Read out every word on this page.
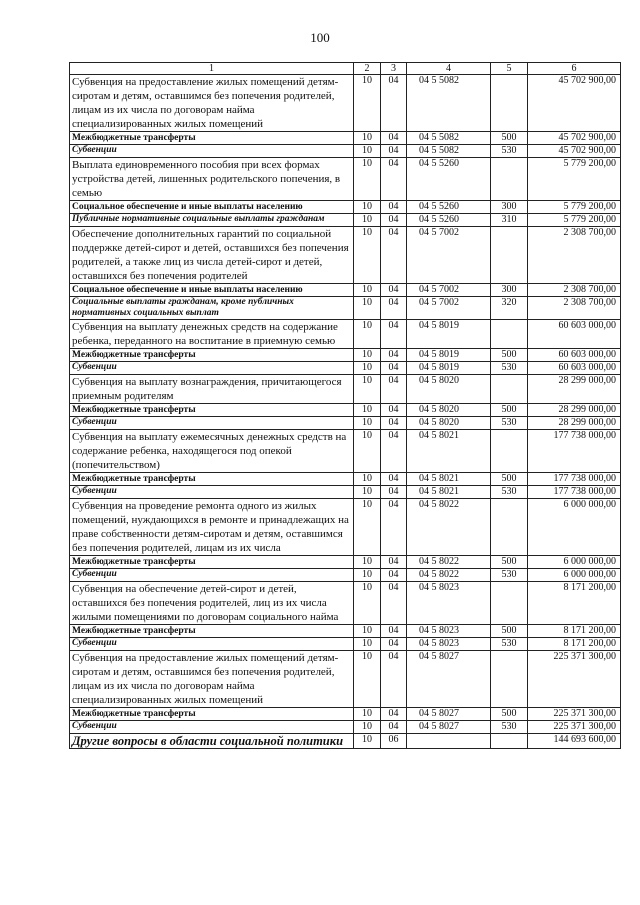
100
1	2	3	4	5	6
Субвенция на предоставление жилых помещений детям-сиротам и детям, оставшимся без попечения родителей, лицам из их числа по договорам найма специализированных жилых помещений	10	04	04 5 5082		45 702 900,00
Межбюджетные трансферты	10	04	04 5 5082	500	45 702 900,00
Субвенции	10	04	04 5 5082	530	45 702 900,00
Выплата единовременного пособия при всех формах устройства детей, лишенных родительского попечения, в семью	10	04	04 5 5260		5 779 200,00
Социальное обеспечение и иные выплаты населению	10	04	04 5 5260	300	5 779 200,00
Публичные нормативные социальные выплаты гражданам	10	04	04 5 5260	310	5 779 200,00
Обеспечение дополнительных гарантий по социальной поддержке детей-сирот и детей, оставшихся без попечения родителей, а также лиц из числа детей-сирот и детей, оставшихся без попечения родителей	10	04	04 5 7002		2 308 700,00
Социальное обеспечение и иные выплаты населению	10	04	04 5 7002	300	2 308 700,00
Социальные выплаты гражданам, кроме публичных нормативных социальных выплат	10	04	04 5 7002	320	2 308 700,00
Субвенция на выплату денежных средств на содержание ребенка, переданного на воспитание в приемную семью	10	04	04 5 8019		60 603 000,00
Межбюджетные трансферты	10	04	04 5 8019	500	60 603 000,00
Субвенции	10	04	04 5 8019	530	60 603 000,00
Субвенция на выплату вознаграждения, причитающегося приемным родителям	10	04	04 5 8020		28 299 000,00
Межбюджетные трансферты	10	04	04 5 8020	500	28 299 000,00
Субвенции	10	04	04 5 8020	530	28 299 000,00
Субвенция на выплату ежемесячных денежных средств на содержание ребенка, находящегося под опекой (попечительством)	10	04	04 5 8021		177 738 000,00
Межбюджетные трансферты	10	04	04 5 8021	500	177 738 000,00
Субвенции	10	04	04 5 8021	530	177 738 000,00
Субвенция на проведение ремонта одного из жилых помещений, нуждающихся в ремонте и принадлежащих на праве собственности детям-сиротам и детям, оставшимся без попечения родителей, лицам из их числа	10	04	04 5 8022		6 000 000,00
Межбюджетные трансферты	10	04	04 5 8022	500	6 000 000,00
Субвенции	10	04	04 5 8022	530	6 000 000,00
Субвенция на обеспечение детей-сирот и детей, оставшихся без попечения родителей, лиц из их числа жилыми помещениями по договорам социального найма	10	04	04 5 8023		8 171 200,00
Межбюджетные трансферты	10	04	04 5 8023	500	8 171 200,00
Субвенции	10	04	04 5 8023	530	8 171 200,00
Субвенция на предоставление жилых помещений детям-сиротам и детям, оставшимся без попечения родителей, лицам из их числа по договорам найма специализированных жилых помещений	10	04	04 5 8027		225 371 300,00
Межбюджетные трансферты	10	04	04 5 8027	500	225 371 300,00
Субвенции	10	04	04 5 8027	530	225 371 300,00
Другие вопросы в области социальной политики	10	06			144 693 600,00
